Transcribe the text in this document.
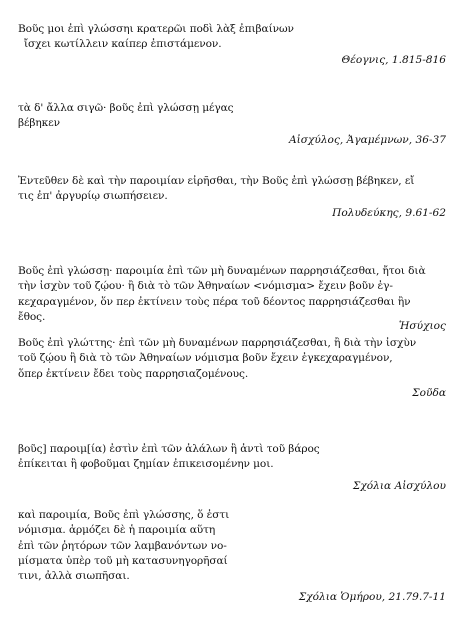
Βοῦς μοι ἐπὶ γλώσσηι κρατερῶι ποδὶ λὰξ ἐπιβαίνων
ἴσχει κωτίλλειν καίπερ ἐπιστάμενον.
Θέογνις, 1.815-816
τὰ δ' ἄλλα σιγῶ· βοῦς ἐπὶ γλώσσῃ μέγας
βέβηκεν
Αἰσχύλος, Ἀγαμέμνων, 36-37
Ἐντεῦθεν δὲ καὶ τὴν παροιμίαν εἰρῆσθαι, τὴν Βοῦς ἐπὶ γλώσσῃ βέβηκεν, εἴ
τις ἐπ' ἀργυρίῳ σιωπήσειεν.
Πολυδεύκης, 9.61-62
Βοῦς ἐπὶ γλώσσῃ· παροιμία ἐπὶ τῶν μὴ δυναμένων παρρησιάζεσθαι, ἤτοι διὰ
τὴν ἰσχὺν τοῦ ζῴου· ἢ διὰ τὸ τῶν Ἀθηναίων <νόμισμα> ἔχειν βοῦν ἐγ-
κεχαραγμένον, ὅν περ ἐκτίνειν τοὺς πέρα τοῦ δέοντος παρρησιάζεσθαι ἢν
ἔθος.
Ἡσύχιος
Βοῦς ἐπὶ γλώττης· ἐπὶ τῶν μὴ δυναμένων παρρησιάζεσθαι, ἢ διὰ τὴν ἰσχὺν
τοῦ ζῴου ἢ διὰ τὸ τῶν Ἀθηναίων νόμισμα βοῦν ἔχειν ἐγκεχαραγμένον,
ὅπερ ἐκτίνειν ἔδει τοὺς παρρησιαζομένους.
Σοῦδα
βοῦς] παροιμ[ία) ἐστὶν ἐπὶ τῶν ἀλάλων ἢ ἀντὶ τοῦ βάρος
ἐπίκειται ἢ φοβοῦμαι ζημίαν ἐπικεισομένην μοι.
Σχόλια Αἰσχύλου
καὶ παροιμία, Βοῦς ἐπὶ γλώσσης, ὅ ἐστι
νόμισμα. ἁρμόζει δὲ ἡ παροιμία αὕτη
ἐπὶ τῶν ῥητόρων τῶν λαμβανόντων νο-
μίσματα ὑπὲρ τοῦ μὴ κατασυνηγορῆσαί
τινι, ἀλλὰ σιωπῆσαι.
Σχόλια Ὁμήρου, 21.79.7-11
